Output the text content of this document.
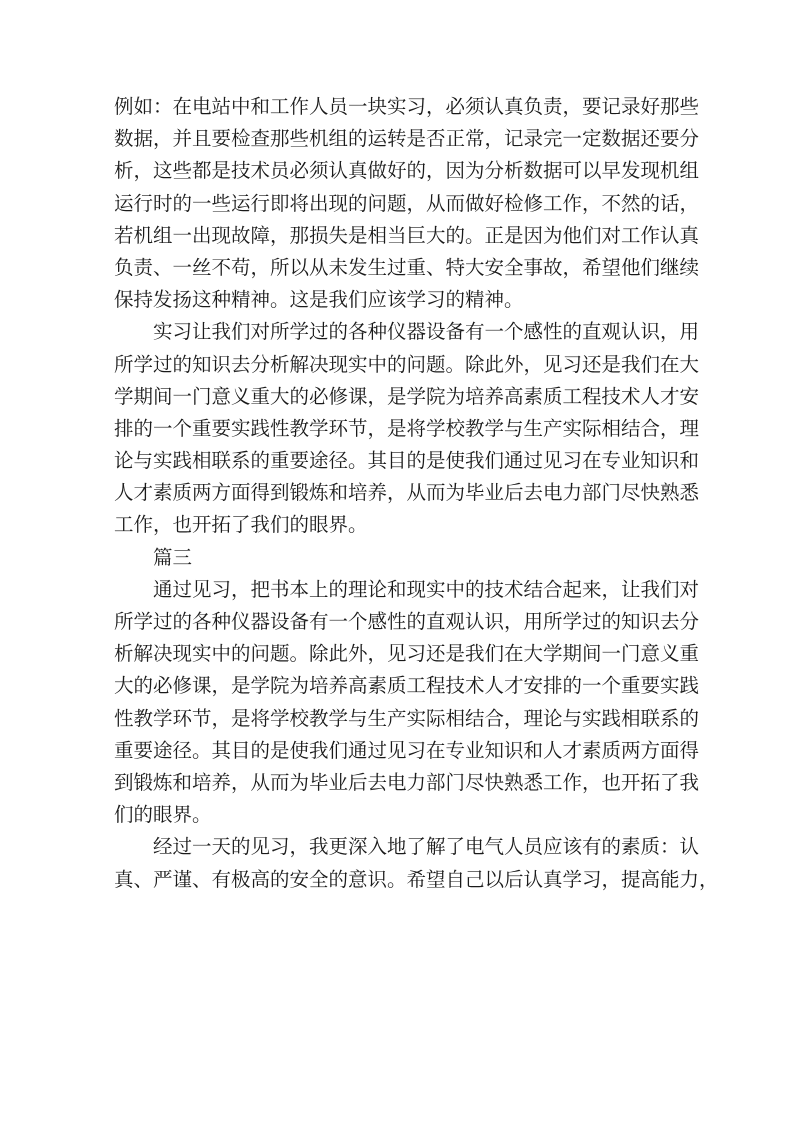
例如：在电站中和工作人员一块实习，必须认真负责，要记录好那些
数据，并且要检查那些机组的运转是否正常，记录完一定数据还要分
析，这些都是技术员必须认真做好的，因为分析数据可以早发现机组
运行时的一些运行即将出现的问题，从而做好检修工作，不然的话，
若机组一出现故障，那损失是相当巨大的。正是因为他们对工作认真
负责、一丝不苟，所以从未发生过重、特大安全事故，希望他们继续
保持发扬这种精神。这是我们应该学习的精神。
实习让我们对所学过的各种仪器设备有一个感性的直观认识，用
所学过的知识去分析解决现实中的问题。除此外，见习还是我们在大
学期间一门意义重大的必修课，是学院为培养高素质工程技术人才安
排的一个重要实践性教学环节，是将学校教学与生产实际相结合，理
论与实践相联系的重要途径。其目的是使我们通过见习在专业知识和
人才素质两方面得到锻炼和培养，从而为毕业后去电力部门尽快熟悉
工作，也开拓了我们的眼界。
篇三
通过见习，把书本上的理论和现实中的技术结合起来，让我们对
所学过的各种仪器设备有一个感性的直观认识，用所学过的知识去分
析解决现实中的问题。除此外，见习还是我们在大学期间一门意义重
大的必修课，是学院为培养高素质工程技术人才安排的一个重要实践
性教学环节，是将学校教学与生产实际相结合，理论与实践相联系的
重要途径。其目的是使我们通过见习在专业知识和人才素质两方面得
到锻炼和培养，从而为毕业后去电力部门尽快熟悉工作，也开拓了我
们的眼界。
经过一天的见习，我更深入地了解了电气人员应该有的素质：认
真、严谨、有极高的安全的意识。希望自己以后认真学习，提高能力，
